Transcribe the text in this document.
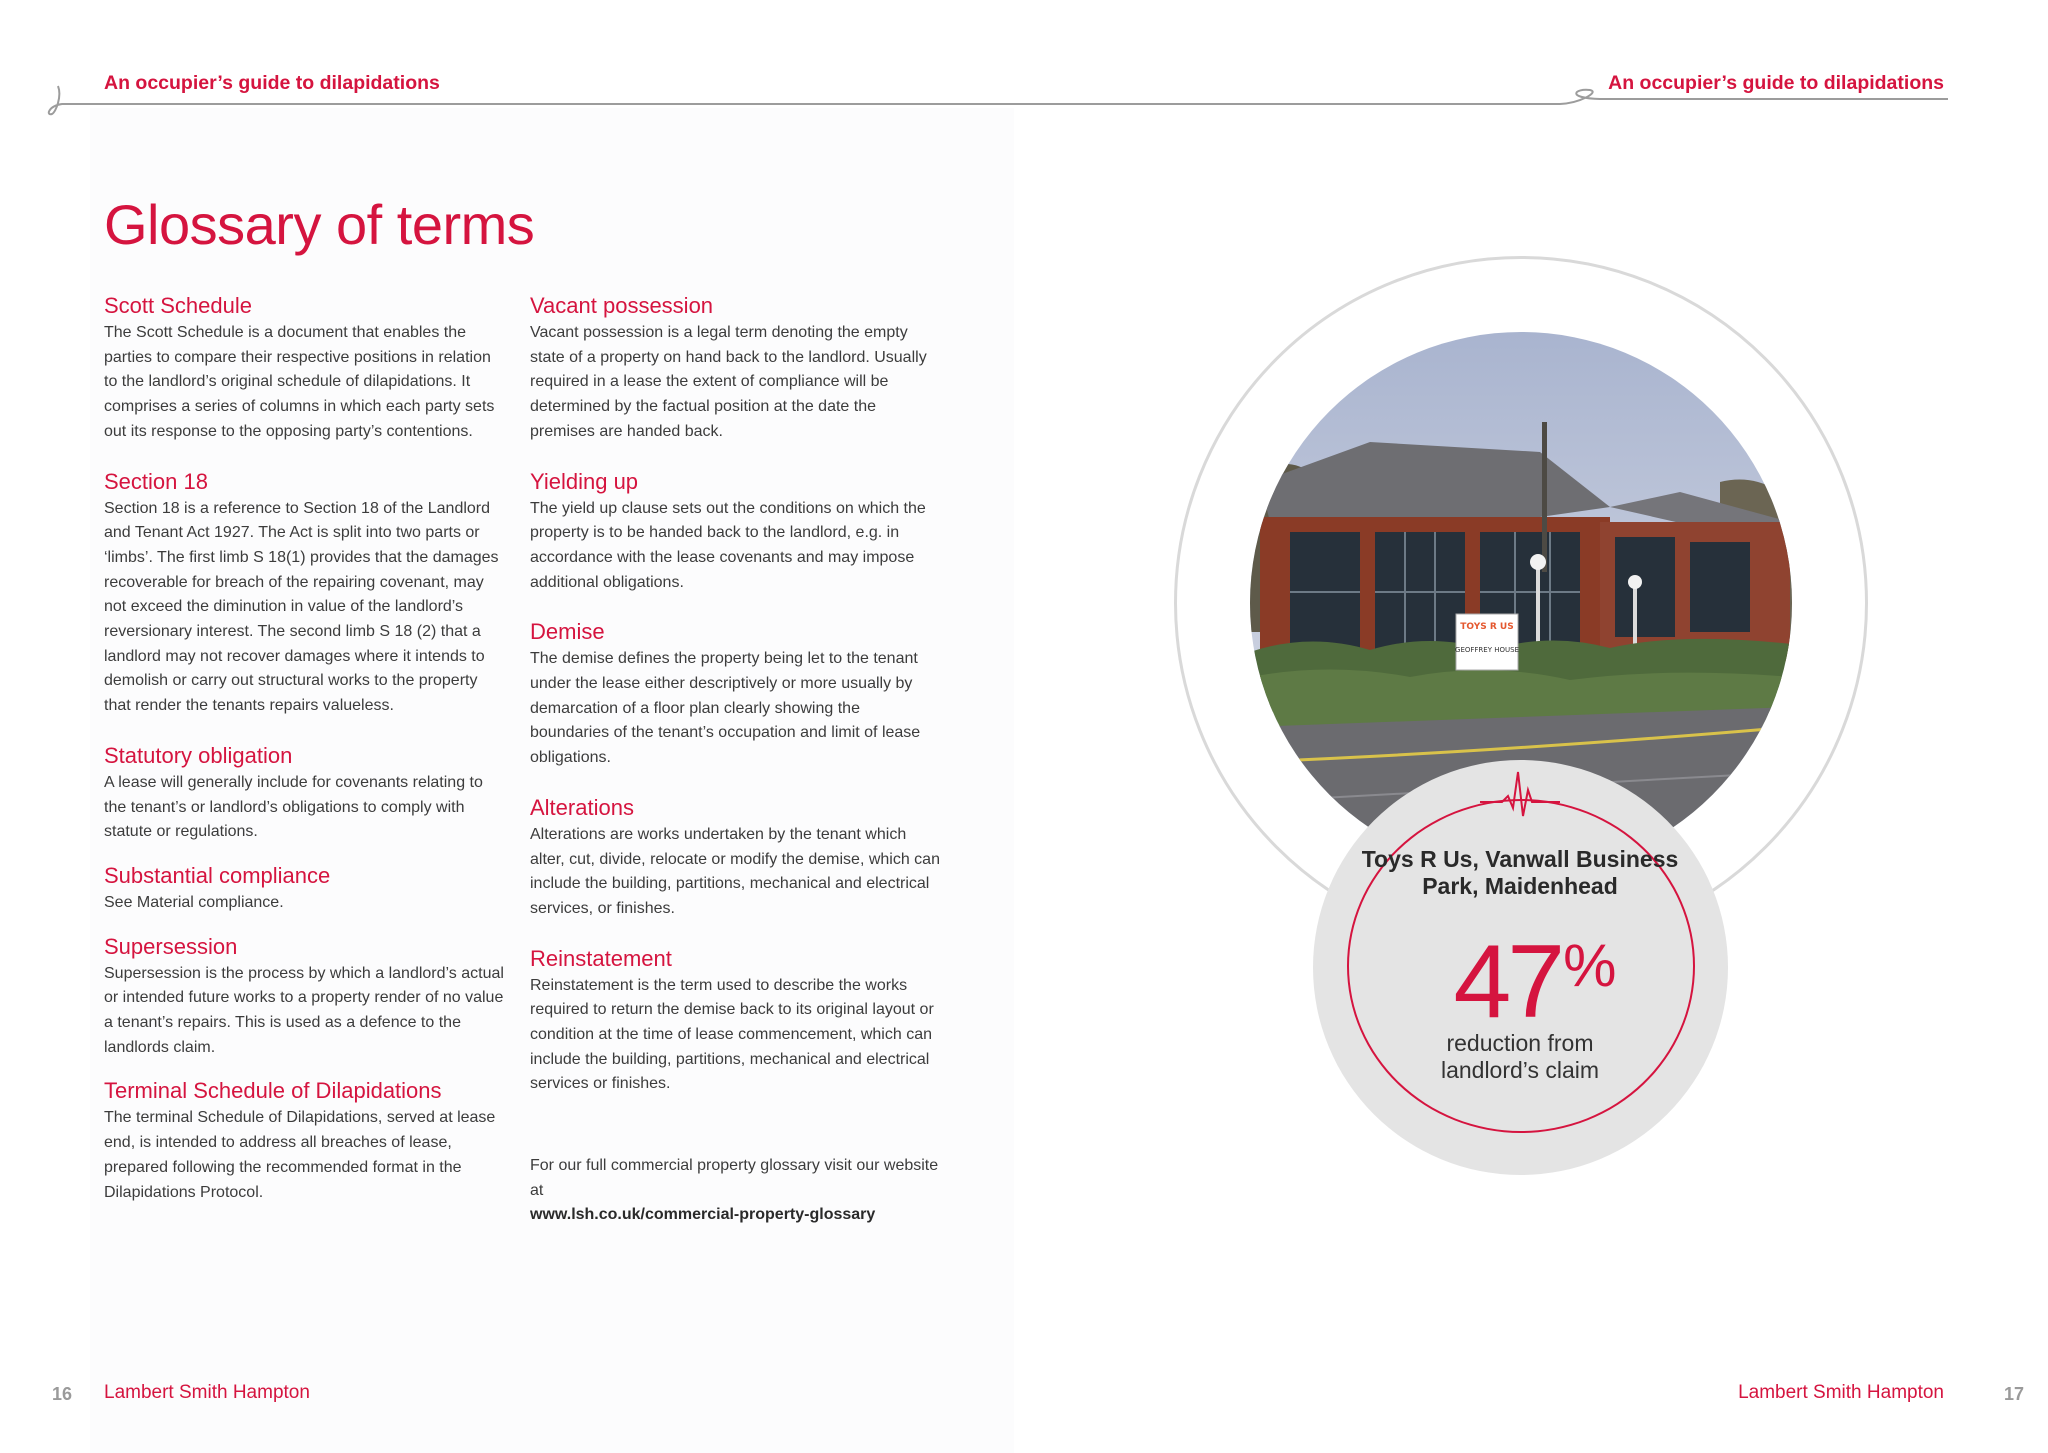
An occupier’s guide to dilapidations	An occupier’s guide to dilapidations
Glossary of terms
Scott Schedule

The Scott Schedule is a document that enables the parties to compare their respective positions in relation to the landlord’s original schedule of dilapidations. It comprises a series of columns in which each party sets out its response to the opposing party’s contentions.

Section 18

Section 18 is a reference to Section 18 of the Landlord and Tenant Act 1927. The Act is split into two parts or ‘limbs’. The first limb S 18(1) provides that the damages recoverable for breach of the repairing covenant, may not exceed the diminution in value of the landlord’s reversionary interest. The second limb S 18 (2) that a landlord may not recover damages where it intends to demolish or carry out structural works to the property that render the tenants repairs valueless.

Statutory obligation

A lease will generally include for covenants relating to the tenant’s or landlord’s obligations to comply with statute or regulations.

Substantial compliance

See Material compliance.

Supersession

Supersession is the process by which a landlord’s actual or intended future works to a property render of no value a tenant’s repairs. This is used as a defence to the landlords claim.

Terminal Schedule of Dilapidations

The terminal Schedule of Dilapidations, served at lease end, is intended to address all breaches of lease, prepared following the recommended format in the Dilapidations Protocol.

Vacant possession

Vacant possession is a legal term denoting the empty state of a property on hand back to the landlord. Usually required in a lease the extent of compliance will be determined by the factual position at the date the premises are handed back.

Yielding up

The yield up clause sets out the conditions on which the property is to be handed back to the landlord, e.g. in accordance with the lease covenants and may impose additional obligations.

Demise

The demise defines the property being let to the tenant under the lease either descriptively or more usually by demarcation of a floor plan clearly showing the boundaries of the tenant’s occupation and limit of lease obligations.

Alterations

Alterations are works undertaken by the tenant which alter, cut, divide, relocate or modify the demise, which can include the building, partitions, mechanical and electrical services, or finishes.

Reinstatement

Reinstatement is the term used to describe the works required to return the demise back to its original layout or condition at the time of lease commencement, which can include the building, partitions, mechanical and electrical services or finishes.

For our full commercial property glossary visit our website at
www.lsh.co.uk/commercial-property-glossary
TOYS R US
GEOFFREY HOUSE
Toys R Us, Vanwall Business Park, Maidenhead
47%
reduction from landlord’s claim
16 Lambert Smith Hampton	Lambert Smith Hampton	17
